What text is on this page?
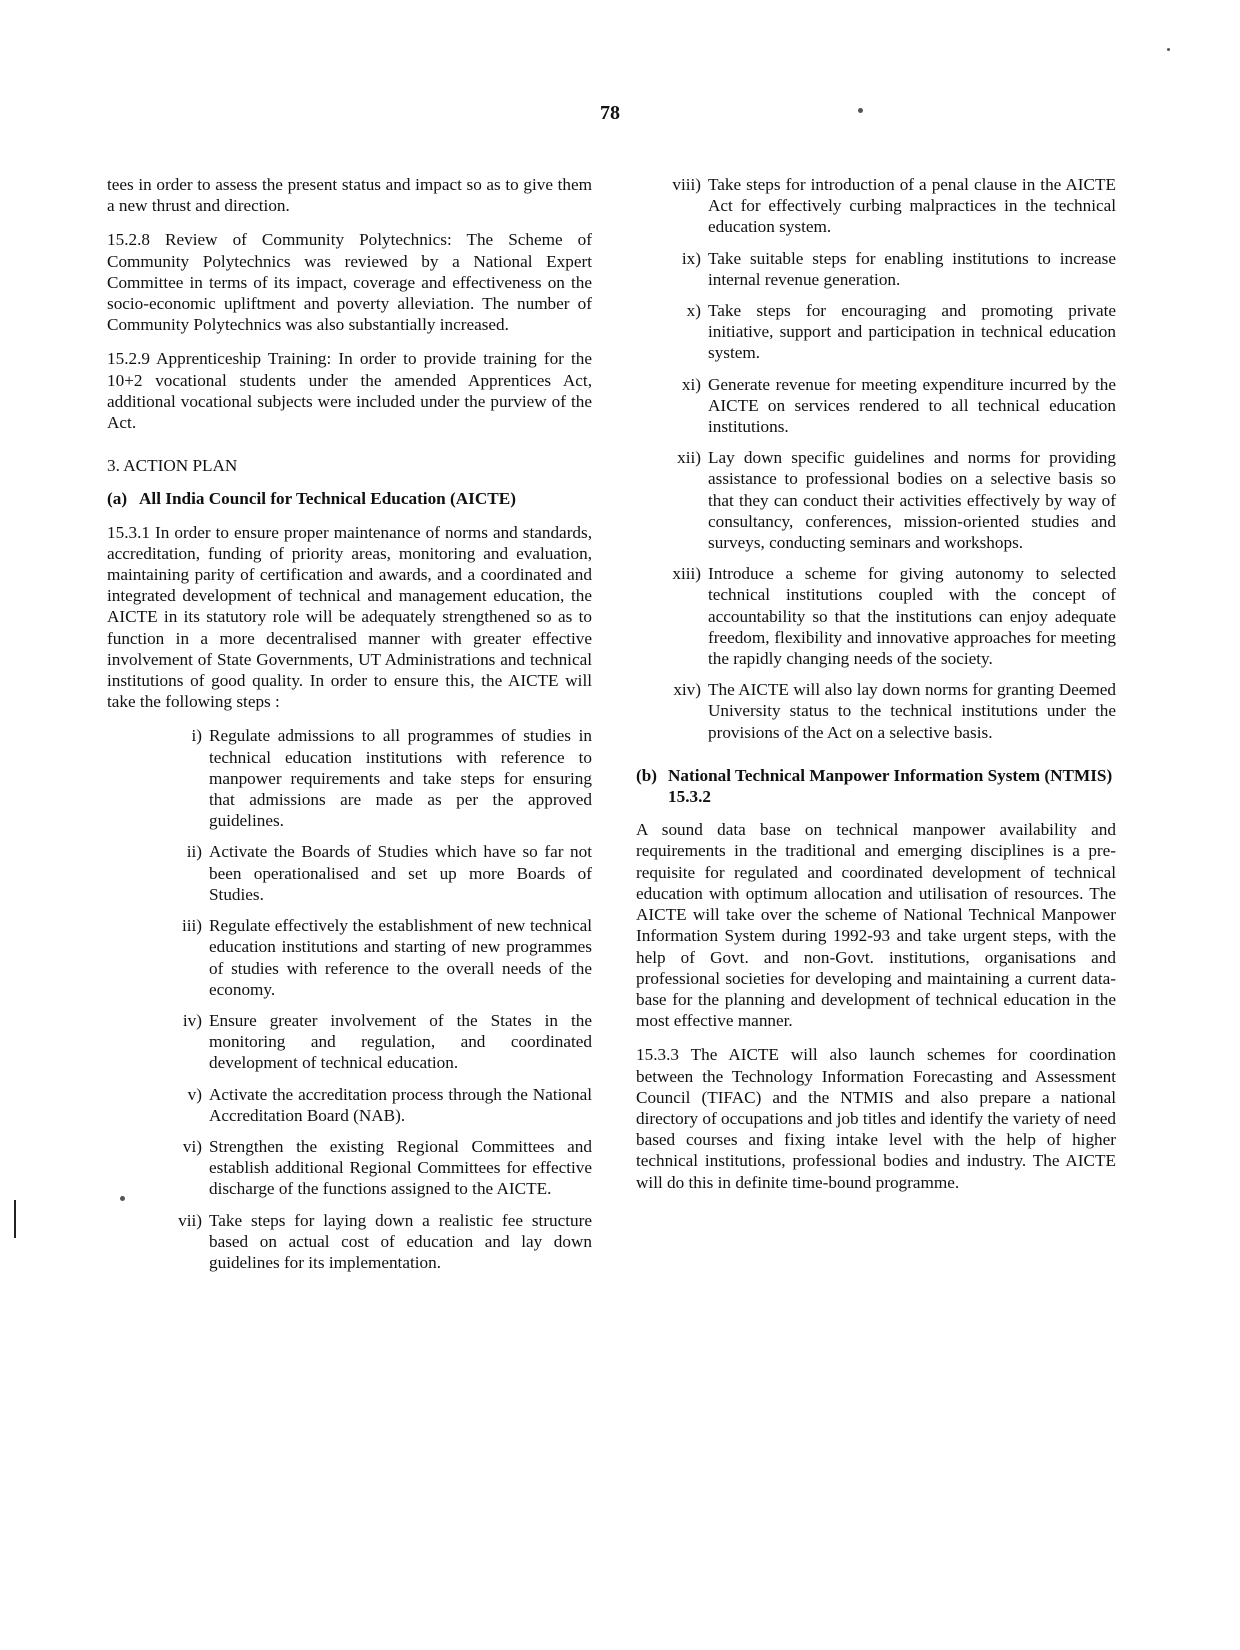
78

tees in order to assess the present status and impact so as to give them a new thrust and direction.

15.2.8 Review of Community Polytechnics: The Scheme of Community Polytechnics was reviewed by a National Expert Committee in terms of its impact, coverage and effectiveness on the socio-economic upliftment and poverty alleviation. The number of Community Polytechnics was also substantially increased.

15.2.9 Apprenticeship Training: In order to provide training for the 10+2 vocational students under the amended Apprentices Act, additional vocational subjects were included under the purview of the Act.

3. ACTION PLAN
(a) All India Council for Technical Education (AICTE)

15.3.1 In order to ensure proper maintenance of norms and standards, accreditation, funding of priority areas, monitoring and evaluation, maintaining parity of certification and awards, and a coordinated and integrated development of technical and management education, the AICTE in its statutory role will be adequately strengthened so as to function in a more decentralised manner with greater effective involvement of State Governments, UT Administrations and technical institutions of good quality. In order to ensure this, the AICTE will take the following steps :

i) Regulate admissions to all programmes of studies in technical education institutions with reference to manpower requirements and take steps for ensuring that admissions are made as per the approved guidelines.
ii) Activate the Boards of Studies which have so far not been operationalised and set up more Boards of Studies.
iii) Regulate effectively the establishment of new technical education institutions and starting of new programmes of studies with reference to the overall needs of the economy.
iv) Ensure greater involvement of the States in the monitoring and regulation, and coordinated development of technical education.
v) Activate the accreditation process through the National Accreditation Board (NAB).
vi) Strengthen the existing Regional Committees and establish additional Regional Committees for effective discharge of the functions assigned to the AICTE.
vii) Take steps for laying down a realistic fee structure based on actual cost of education and lay down guidelines for its implementation.
viii) Take steps for introduction of a penal clause in the AICTE Act for effectively curbing malpractices in the technical education system.
ix) Take suitable steps for enabling institutions to increase internal revenue generation.
x) Take steps for encouraging and promoting private initiative, support and participation in technical education system.
xi) Generate revenue for meeting expenditure incurred by the AICTE on services rendered to all technical education institutions.
xii) Lay down specific guidelines and norms for providing assistance to professional bodies on a selective basis so that they can conduct their activities effectively by way of consultancy, conferences, mission-oriented studies and surveys, conducting seminars and workshops.
xiii) Introduce a scheme for giving autonomy to selected technical institutions coupled with the concept of accountability so that the institutions can enjoy adequate freedom, flexibility and innovative approaches for meeting the rapidly changing needs of the society.
xiv) The AICTE will also lay down norms for granting Deemed University status to the technical institutions under the provisions of the Act on a selective basis.
(b) National Technical Manpower Information System (NTMIS) 15.3.2

A sound data base on technical manpower availability and requirements in the traditional and emerging disciplines is a pre-requisite for regulated and coordinated development of technical education with optimum allocation and utilisation of resources. The AICTE will take over the scheme of National Technical Manpower Information System during 1992-93 and take urgent steps, with the help of Govt. and non-Govt. institutions, organisations and professional societies for developing and maintaining a current data-base for the planning and development of technical education in the most effective manner.

15.3.3 The AICTE will also launch schemes for coordination between the Technology Information Forecasting and Assessment Council (TIFAC) and the NTMIS and also prepare a national directory of occupations and job titles and identify the variety of need based courses and fixing intake level with the help of higher technical institutions, professional bodies and industry. The AICTE will do this in definite time-bound programme.
